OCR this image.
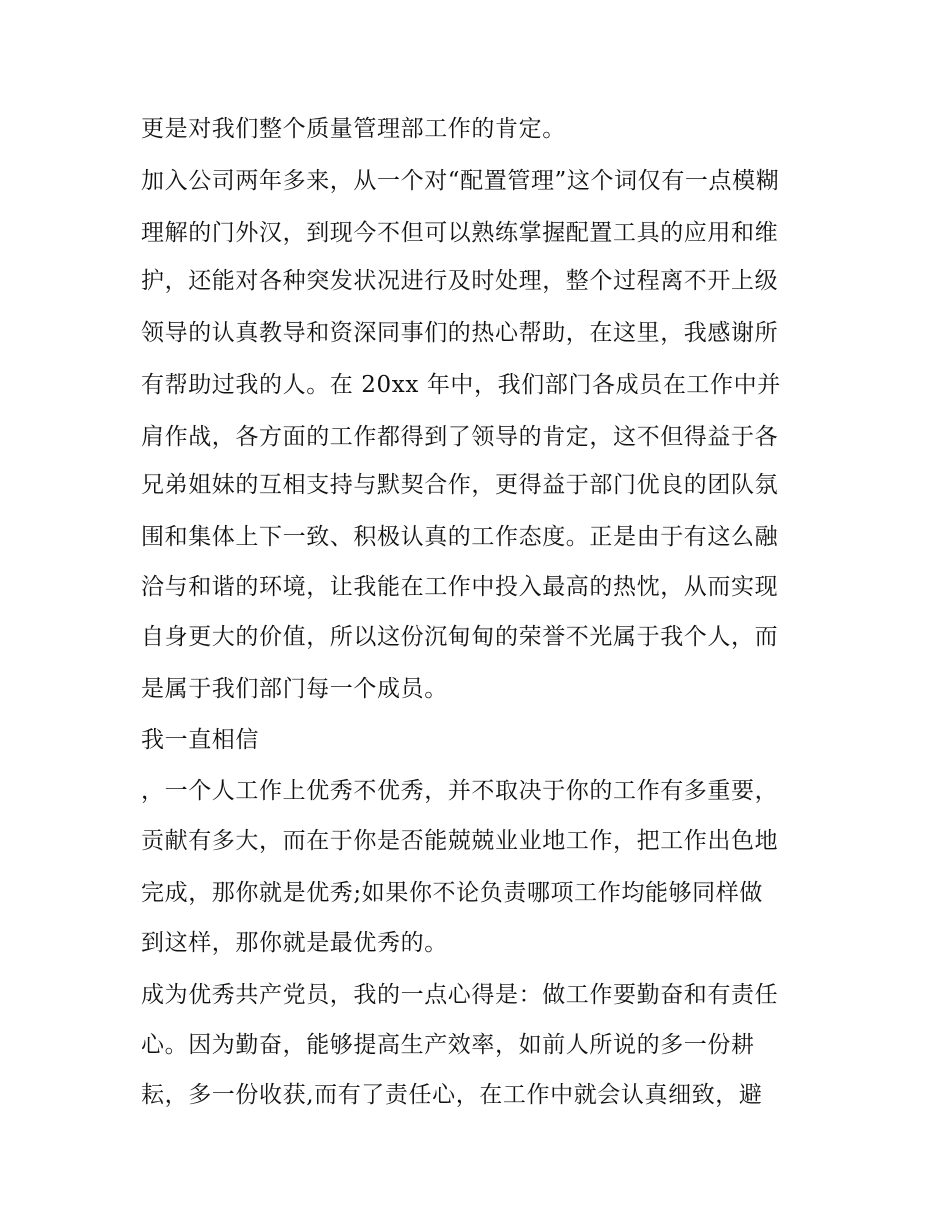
更是对我们整个质量管理部工作的肯定。
加入公司两年多来，从一个对“配置管理”这个词仅有一点模糊
理解的门外汉，到现今不但可以熟练掌握配置工具的应用和维
护，还能对各种突发状况进行及时处理，整个过程离不开上级
领导的认真教导和资深同事们的热心帮助，在这里，我感谢所
有帮助过我的人。在 20xx 年中，我们部门各成员在工作中并
肩作战，各方面的工作都得到了领导的肯定，这不但得益于各
兄弟姐妹的互相支持与默契合作，更得益于部门优良的团队氛
围和集体上下一致、积极认真的工作态度。正是由于有这么融
洽与和谐的环境，让我能在工作中投入最高的热忱，从而实现
自身更大的价值，所以这份沉甸甸的荣誉不光属于我个人，而
是属于我们部门每一个成员。
我一直相信
，一个人工作上优秀不优秀，并不取决于你的工作有多重要，
贡献有多大，而在于你是否能兢兢业业地工作，把工作出色地
完成，那你就是优秀;如果你不论负责哪项工作均能够同样做
到这样，那你就是最优秀的。
成为优秀共产党员，我的一点心得是：做工作要勤奋和有责任
心。因为勤奋，能够提高生产效率，如前人所说的多一份耕
耘，多一份收获,而有了责任心，在工作中就会认真细致，避
